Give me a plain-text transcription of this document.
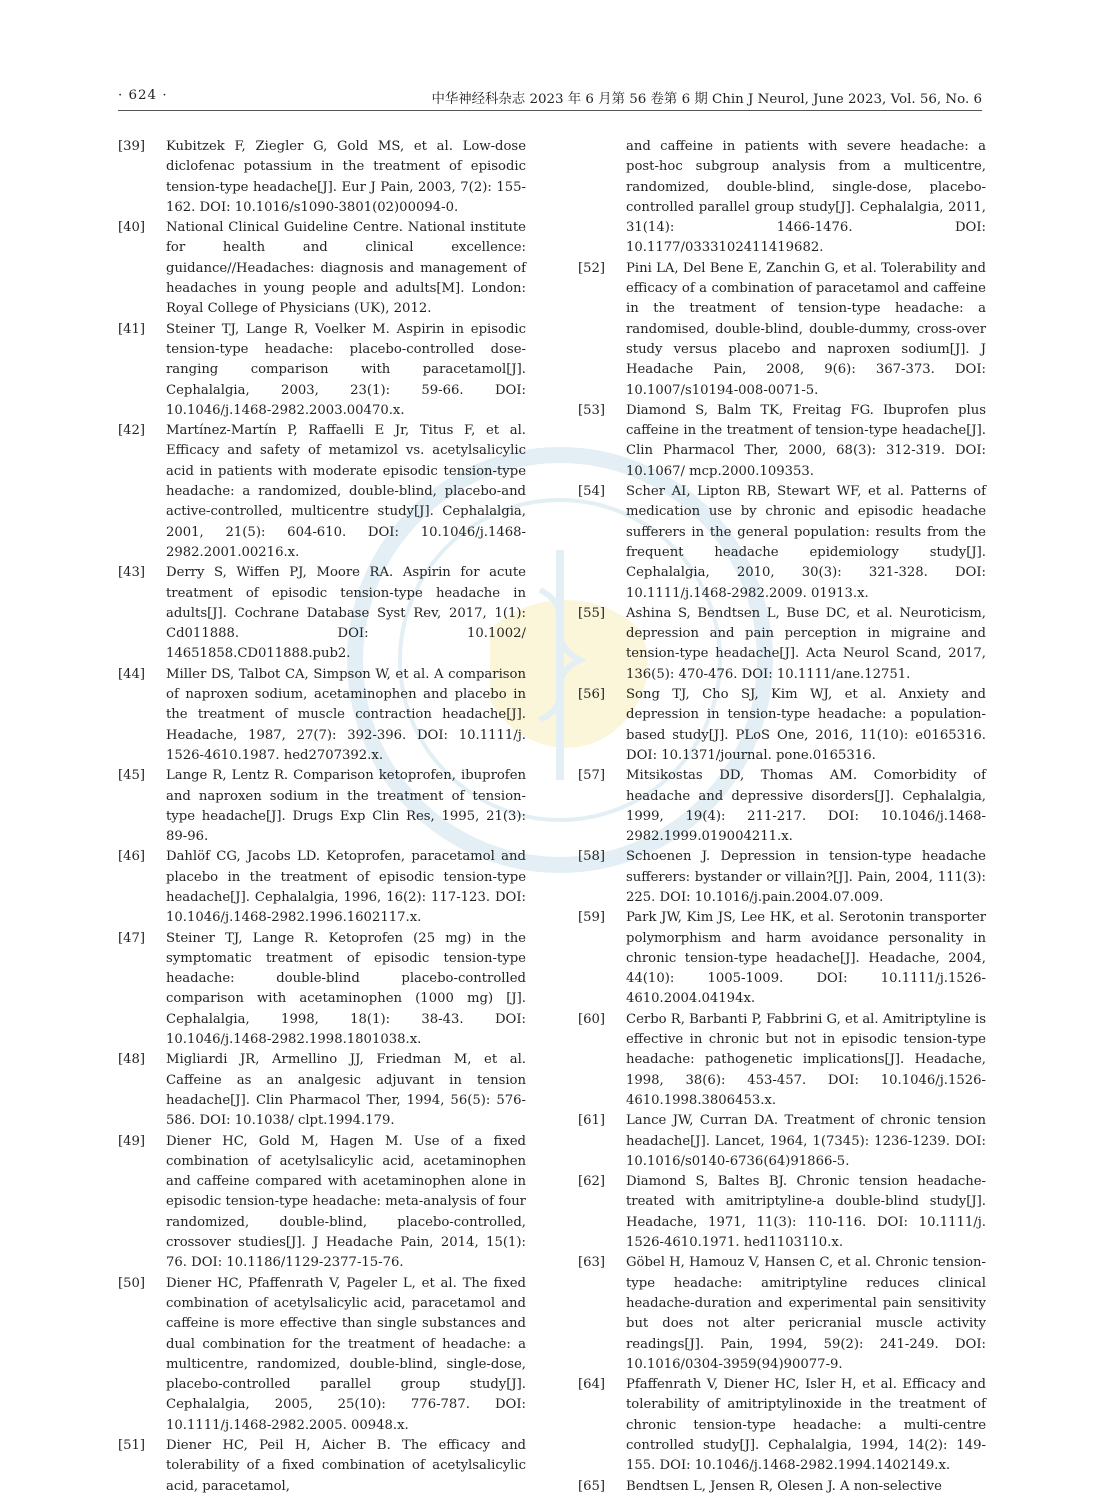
· 624 ·	中华神经科杂志 2023 年 6 月第 56 卷第 6 期 Chin J Neurol, June 2023, Vol. 56, No. 6
[39]	Kubitzek F, Ziegler G, Gold MS, et al. Low-dose diclofenac potassium in the treatment of episodic tension-type headache[J]. Eur J Pain, 2003, 7(2): 155-162. DOI: 10.1016/s1090-3801(02)00094-0.
[40]	National Clinical Guideline Centre. National institute for health and clinical excellence: guidance//Headaches: diagnosis and management of headaches in young people and adults[M]. London: Royal College of Physicians (UK), 2012.
[41]	Steiner TJ, Lange R, Voelker M. Aspirin in episodic tension-type headache: placebo-controlled dose-ranging comparison with paracetamol[J]. Cephalalgia, 2003, 23(1): 59-66. DOI: 10.1046/j.1468-2982.2003.00470.x.
[42]	Martínez-Martín P, Raffaelli E Jr, Titus F, et al. Efficacy and safety of metamizol vs. acetylsalicylic acid in patients with moderate episodic tension-type headache: a randomized, double-blind, placebo-and active-controlled, multicentre study[J]. Cephalalgia, 2001, 21(5): 604-610. DOI: 10.1046/j.1468-2982.2001.00216.x.
[43]	Derry S, Wiffen PJ, Moore RA. Aspirin for acute treatment of episodic tension-type headache in adults[J]. Cochrane Database Syst Rev, 2017, 1(1): Cd011888. DOI: 10.1002/ 14651858.CD011888.pub2.
[44]	Miller DS, Talbot CA, Simpson W, et al. A comparison of naproxen sodium, acetaminophen and placebo in the treatment of muscle contraction headache[J]. Headache, 1987, 27(7): 392-396. DOI: 10.1111/j. 1526-4610.1987. hed2707392.x.
[45]	Lange R, Lentz R. Comparison ketoprofen, ibuprofen and naproxen sodium in the treatment of tension-type headache[J]. Drugs Exp Clin Res, 1995, 21(3): 89-96.
[46]	Dahlöf CG, Jacobs LD. Ketoprofen, paracetamol and placebo in the treatment of episodic tension-type headache[J]. Cephalalgia, 1996, 16(2): 117-123. DOI: 10.1046/j.1468-2982.1996.1602117.x.
[47]	Steiner TJ, Lange R. Ketoprofen (25 mg) in the symptomatic treatment of episodic tension-type headache: double-blind placebo-controlled comparison with acetaminophen (1000 mg) [J]. Cephalalgia, 1998, 18(1): 38-43. DOI: 10.1046/j.1468-2982.1998.1801038.x.
[48]	Migliardi JR, Armellino JJ, Friedman M, et al. Caffeine as an analgesic adjuvant in tension headache[J]. Clin Pharmacol Ther, 1994, 56(5): 576-586. DOI: 10.1038/ clpt.1994.179.
[49]	Diener HC, Gold M, Hagen M. Use of a fixed combination of acetylsalicylic acid, acetaminophen and caffeine compared with acetaminophen alone in episodic tension-type headache: meta-analysis of four randomized, double-blind, placebo-controlled, crossover studies[J]. J Headache Pain, 2014, 15(1): 76. DOI: 10.1186/1129-2377-15-76.
[50]	Diener HC, Pfaffenrath V, Pageler L, et al. The fixed combination of acetylsalicylic acid, paracetamol and caffeine is more effective than single substances and dual combination for the treatment of headache: a multicentre, randomized, double-blind, single-dose, placebo-controlled parallel group study[J]. Cephalalgia, 2005, 25(10): 776-787. DOI: 10.1111/j.1468-2982.2005. 00948.x.
[51]	Diener HC, Peil H, Aicher B. The efficacy and tolerability of a fixed combination of acetylsalicylic acid, paracetamol,
and caffeine in patients with severe headache: a post-hoc subgroup analysis from a multicentre, randomized, double-blind, single-dose, placebo-controlled parallel group study[J]. Cephalalgia, 2011, 31(14): 1466-1476. DOI: 10.1177/0333102411419682.
[52]	Pini LA, Del Bene E, Zanchin G, et al. Tolerability and efficacy of a combination of paracetamol and caffeine in the treatment of tension-type headache: a randomised, double-blind, double-dummy, cross-over study versus placebo and naproxen sodium[J]. J Headache Pain, 2008, 9(6): 367-373. DOI: 10.1007/s10194-008-0071-5.
[53]	Diamond S, Balm TK, Freitag FG. Ibuprofen plus caffeine in the treatment of tension-type headache[J]. Clin Pharmacol Ther, 2000, 68(3): 312-319. DOI: 10.1067/ mcp.2000.109353.
[54]	Scher AI, Lipton RB, Stewart WF, et al. Patterns of medication use by chronic and episodic headache sufferers in the general population: results from the frequent headache epidemiology study[J]. Cephalalgia, 2010, 30(3): 321-328. DOI: 10.1111/j.1468-2982.2009. 01913.x.
[55]	Ashina S, Bendtsen L, Buse DC, et al. Neuroticism, depression and pain perception in migraine and tension-type headache[J]. Acta Neurol Scand, 2017, 136(5): 470-476. DOI: 10.1111/ane.12751.
[56]	Song TJ, Cho SJ, Kim WJ, et al. Anxiety and depression in tension-type headache: a population-based study[J]. PLoS One, 2016, 11(10): e0165316. DOI: 10.1371/journal. pone.0165316.
[57]	Mitsikostas DD, Thomas AM. Comorbidity of headache and depressive disorders[J]. Cephalalgia, 1999, 19(4): 211-217. DOI: 10.1046/j.1468-2982.1999.019004211.x.
[58]	Schoenen J. Depression in tension-type headache sufferers: bystander or villain?[J]. Pain, 2004, 111(3): 225. DOI: 10.1016/j.pain.2004.07.009.
[59]	Park JW, Kim JS, Lee HK, et al. Serotonin transporter polymorphism and harm avoidance personality in chronic tension-type headache[J]. Headache, 2004, 44(10): 1005-1009. DOI: 10.1111/j.1526-4610.2004.04194x.
[60]	Cerbo R, Barbanti P, Fabbrini G, et al. Amitriptyline is effective in chronic but not in episodic tension-type headache: pathogenetic implications[J]. Headache, 1998, 38(6): 453-457. DOI: 10.1046/j.1526-4610.1998.3806453.x.
[61]	Lance JW, Curran DA. Treatment of chronic tension headache[J]. Lancet, 1964, 1(7345): 1236-1239. DOI: 10.1016/s0140-6736(64)91866-5.
[62]	Diamond S, Baltes BJ. Chronic tension headache-treated with amitriptyline-a double-blind study[J]. Headache, 1971, 11(3): 110-116. DOI: 10.1111/j. 1526-4610.1971. hed1103110.x.
[63]	Göbel H, Hamouz V, Hansen C, et al. Chronic tension-type headache: amitriptyline reduces clinical headache-duration and experimental pain sensitivity but does not alter pericranial muscle activity readings[J]. Pain, 1994, 59(2): 241-249. DOI: 10.1016/0304-3959(94)90077-9.
[64]	Pfaffenrath V, Diener HC, Isler H, et al. Efficacy and tolerability of amitriptylinoxide in the treatment of chronic tension-type headache: a multi-centre controlled study[J]. Cephalalgia, 1994, 14(2): 149-155. DOI: 10.1046/j.1468-2982.1994.1402149.x.
[65]	Bendtsen L, Jensen R, Olesen J. A non-selective
